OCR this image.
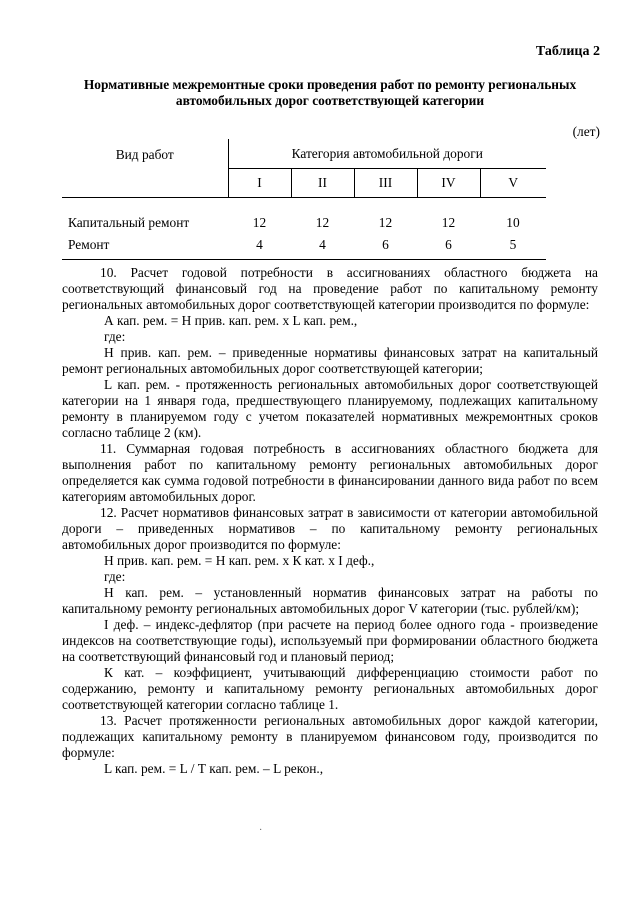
Таблица 2
Нормативные межремонтные сроки проведения работ по ремонту региональных
автомобильных дорог соответствующей категории
(лет)
Вид работ	Категория автомобильной дороги				
	I	II	III	IV	V
Капитальный ремонт	12	12	12	12	10
Ремонт	4	4	6	6	5

10. Расчет годовой потребности в ассигнованиях областного бюджета на соответствующий финансовый год на проведение работ по капитальному ремонту региональных автомобильных дорог соответствующей категории производится по формуле:

А кап. рем. = Н прив. кап. рем. х L кап. рем.,

где:

Н прив. кап. рем. – приведенные нормативы финансовых затрат на капитальный ремонт региональных автомобильных дорог соответствующей категории;

L кап. рем. - протяженность региональных автомобильных дорог соответствующей категории на 1 января года, предшествующего планируемому, подлежащих капитальному ремонту в планируемом году с учетом показателей нормативных межремонтных сроков согласно таблице 2 (км).

11. Суммарная годовая потребность в ассигнованиях областного бюджета для выполнения работ по капитальному ремонту региональных автомобильных дорог определяется как сумма годовой потребности в финансировании данного вида работ по всем категориям автомобильных дорог.

12. Расчет нормативов финансовых затрат в зависимости от категории автомобильной дороги – приведенных нормативов – по капитальному ремонту региональных автомобильных дорог производится по формуле:

Н прив. кап. рем. = Н кап. рем. х К кат. х I деф.,

где:

Н кап. рем. – установленный норматив финансовых затрат на работы по капитальному ремонту региональных автомобильных дорог V категории (тыс. рублей/км);

I деф. – индекс-дефлятор (при расчете на период более одного года - произведение индексов на соответствующие годы), используемый при формировании областного бюджета на соответствующий финансовый год и плановый период;

К кат. – коэффициент, учитывающий дифференциацию стоимости работ по содержанию, ремонту и капитальному ремонту региональных автомобильных дорог соответствующей категории согласно таблице 1.

13. Расчет протяженности региональных автомобильных дорог каждой категории, подлежащих капитальному ремонту в планируемом финансовом году, производится по формуле:

L кап. рем. = L / Т кап. рем. – L рекон.,

·
